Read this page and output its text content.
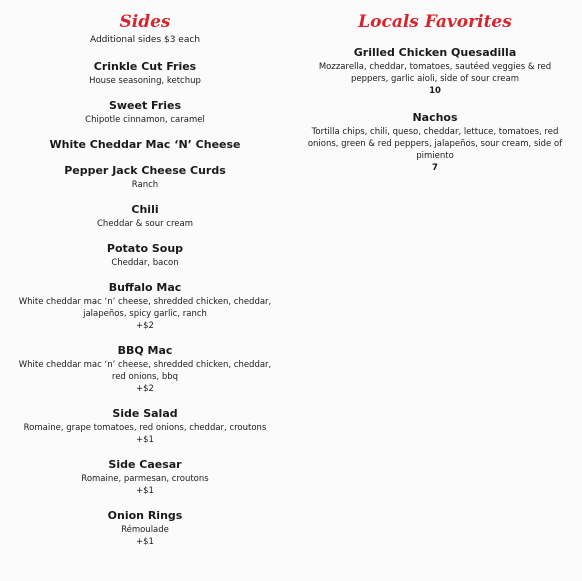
Sides
Additional sides $3 each
Crinkle Cut Fries
House seasoning, ketchup
Sweet Fries
Chipotle cinnamon, caramel
White Cheddar Mac ‘N’ Cheese
Pepper Jack Cheese Curds
Ranch
Chili
Cheddar & sour cream
Potato Soup
Cheddar, bacon
Buffalo Mac
White cheddar mac ‘n’ cheese, shredded chicken, cheddar, jalapeños, spicy garlic, ranch
+$2
BBQ Mac
White cheddar mac ‘n’ cheese, shredded chicken, cheddar, red onions, bbq
+$2
Side Salad
Romaine, grape tomatoes, red onions, cheddar, croutons
+$1
Side Caesar
Romaine, parmesan, croutons
+$1
Onion Rings
Rémoulade
+$1
Locals Favorites
Grilled Chicken Quesadilla
Mozzarella, cheddar, tomatoes, sautéed veggies & red peppers, garlic aioli, side of sour cream
10
Nachos
Tortilla chips, chili, queso, cheddar, lettuce, tomatoes, red onions, green & red peppers, jalapeños, sour cream, side of pimiento
7
